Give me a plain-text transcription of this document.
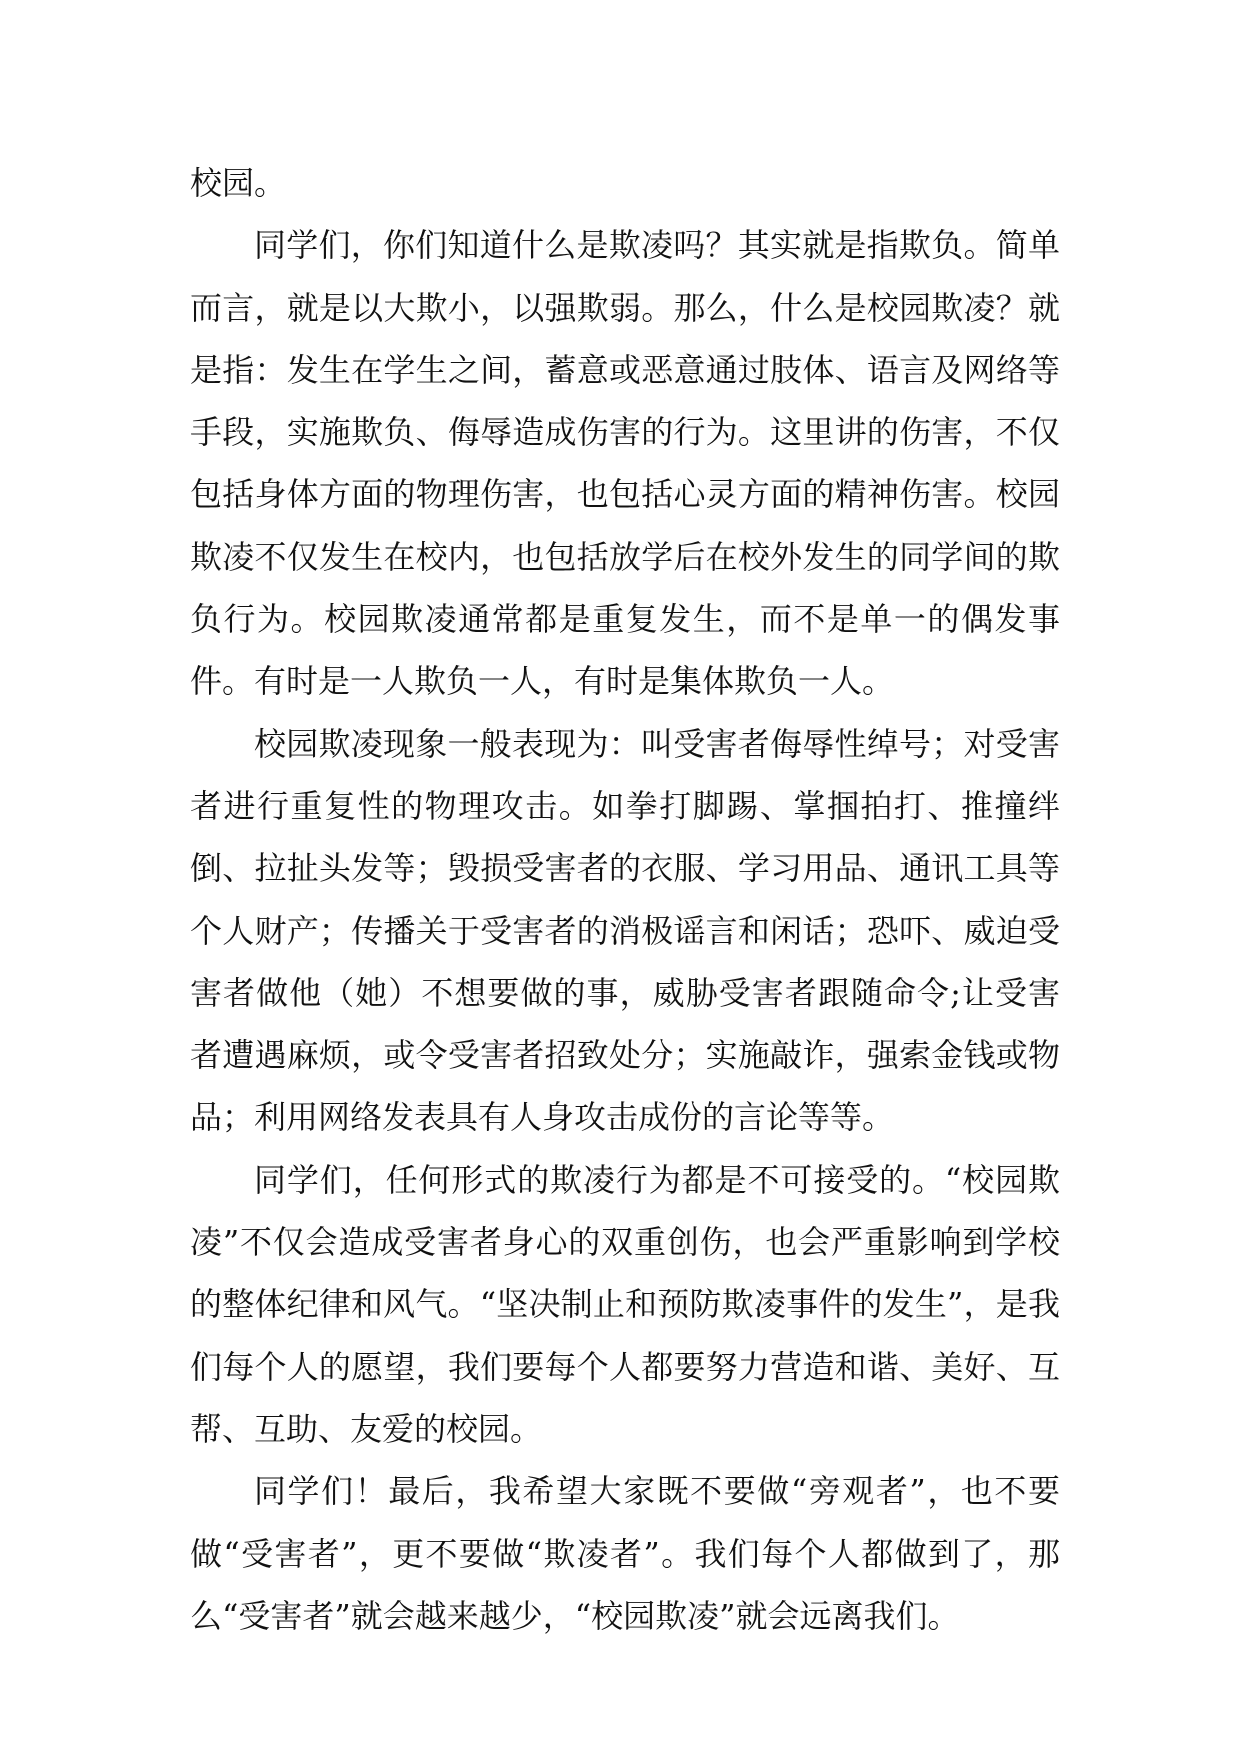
校园。

同学们，你们知道什么是欺凌吗？其实就是指欺负。简单而言，就是以大欺小，以强欺弱。那么，什么是校园欺凌？就是指：发生在学生之间，蓄意或恶意通过肢体、语言及网络等手段，实施欺负、侮辱造成伤害的行为。这里讲的伤害，不仅包括身体方面的物理伤害，也包括心灵方面的精神伤害。校园欺凌不仅发生在校内，也包括放学后在校外发生的同学间的欺负行为。校园欺凌通常都是重复发生，而不是单一的偶发事件。有时是一人欺负一人，有时是集体欺负一人。

校园欺凌现象一般表现为：叫受害者侮辱性绰号；对受害者进行重复性的物理攻击。如拳打脚踢、掌掴拍打、推撞绊倒、拉扯头发等；毁损受害者的衣服、学习用品、通讯工具等个人财产；传播关于受害者的消极谣言和闲话；恐吓、威迫受害者做他（她）不想要做的事，威胁受害者跟随命令;让受害者遭遇麻烦，或令受害者招致处分；实施敲诈，强索金钱或物品；利用网络发表具有人身攻击成份的言论等等。

同学们，任何形式的欺凌行为都是不可接受的。“校园欺凌”不仅会造成受害者身心的双重创伤，也会严重影响到学校的整体纪律和风气。“坚决制止和预防欺凌事件的发生”，是我们每个人的愿望，我们要每个人都要努力营造和谐、美好、互帮、互助、友爱的校园。

同学们！最后，我希望大家既不要做“旁观者”，也不要做“受害者”，更不要做“欺凌者”。我们每个人都做到了，那么“受害者”就会越来越少，“校园欺凌”就会远离我们。
